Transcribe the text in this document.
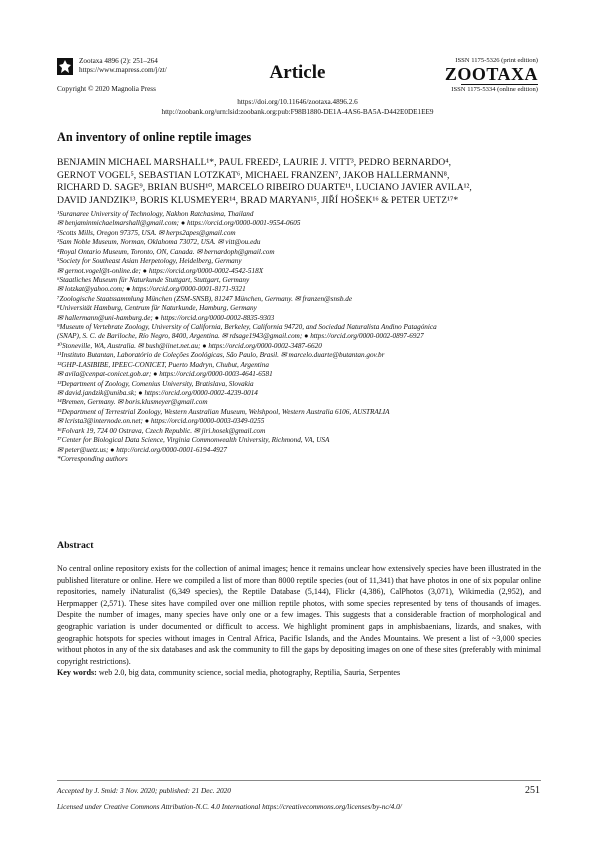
Zootaxa 4896 (2): 251–264
https://www.mapress.com/j/zt/
Copyright © 2020 Magnolia Press
Article
ISSN 1175-5326 (print edition)
ZOOTAXA
ISSN 1175-5334 (online edition)
https://doi.org/10.11646/zootaxa.4896.2.6
http://zoobank.org/urn:lsid:zoobank.org:pub:F98B1880-DE1A-4AS6-BA5A-D442E0DE1EE9
An inventory of online reptile images
BENJAMIN MICHAEL MARSHALL¹*, PAUL FREED², LAURIE J. VITT³, PEDRO BERNARDO⁴,
GERNOT VOGEL⁵, SEBASTIAN LOTZKAT⁶, MICHAEL FRANZEN⁷, JAKOB HALLERMANN⁸,
RICHARD D. SAGE⁹, BRIAN BUSH¹⁰, MARCELO RIBEIRO DUARTE¹¹, LUCIANO JAVIER AVILA¹²,
DAVID JANDZIK¹³, BORIS KLUSMEYER¹⁴, BRAD MARYAN¹⁵, JIŘÍ HOŠEK¹⁶ & PETER UETZ¹⁷*
¹Suranaree University of Technology, Nakhon Ratchasima, Thailand
✉ benjaminmichaelmarshall@gmail.com; ● https://orcid.org/0000-0001-9554-0605
²Scotts Mills, Oregon 97375, USA. ✉ herps2apes@gmail.com
³Sam Noble Museum, Norman, Oklahoma 73072, USA. ✉ vitt@ou.edu
⁴Royal Ontario Museum, Toronto, ON, Canada. ✉ bernardoph@gmail.com
⁵Society for Southeast Asian Herpetology, Heidelberg, Germany
✉ gernot.vogel@t-online.de; ● https://orcid.org/0000-0002-4542-518X
⁶Staatliches Museum für Naturkunde Stuttgart, Stuttgart, Germany
✉ lotzkat@yahoo.com; ● https://orcid.org/0000-0001-8171-9321
⁷Zoologische Staatssammlung München (ZSM-SNSB), 81247 München, Germany. ✉ franzen@snsb.de
⁸Universität Hamburg, Centrum für Naturkunde, Hamburg, Germany
✉ hallermann@uni-hamburg.de; ● https://orcid.org/0000-0002-8835-9303
⁹Museum of Vertebrate Zoology, University of California, Berkeley, California 94720, and Sociedad Naturalista Andino Patagónica
(SNAP), S. C. de Bariloche, Río Negro, 8400, Argentina. ✉ rdsage1943@gmail.com; ● https://orcid.org/0000-0002-0897-6927
¹⁰Stoneville, WA, Australia. ✉ bush@iinet.net.au; ● https://orcid.org/0000-0002-3487-6620
¹¹Instituto Butantan, Laboratório de Coleções Zoológicas, São Paulo, Brasil. ✉ marcelo.duarte@butantan.gov.br
¹²GHP-LASIBIBE, IPEEC-CONICET, Puerto Madryn, Chubut, Argentina
✉ avila@cenpat-conicet.gob.ar; ● https://orcid.org/0000-0003-4641-6581
¹³Department of Zoology, Comenius University, Bratislava, Slovakia
✉ david.jandzik@uniba.sk; ● https://orcid.org/0000-0002-4239-0014
¹⁴Bremen, Germany. ✉ boris.klusmeyer@gmail.com
¹⁵Department of Terrestrial Zoology, Western Australian Museum, Welshpool, Western Australia 6106, AUSTRALIA
✉ lcrista3@internode.on.net; ● https://orcid.org/0000-0003-0349-0255
¹⁶Folvark 19, 724 00 Ostrava, Czech Republic. ✉ jiri.hosek@gmail.com
¹⁷Center for Biological Data Science, Virginia Commonwealth University, Richmond, VA, USA
✉ peter@uetz.us; ● http://orcid.org/0000-0001-6194-4927
*Corresponding authors
Abstract
No central online repository exists for the collection of animal images; hence it remains unclear how extensively species have been illustrated in the published literature or online. Here we compiled a list of more than 8000 reptile species (out of 11,341) that have photos in one of six popular online repositories, namely iNaturalist (6,349 species), the Reptile Database (5,144), Flickr (4,386), CalPhotos (3,071), Wikimedia (2,952), and Herpmapper (2,571). These sites have compiled over one million reptile photos, with some species represented by tens of thousands of images. Despite the number of images, many species have only one or a few images. This suggests that a considerable fraction of morphological and geographic variation is under documented or difficult to access. We highlight prominent gaps in amphisbaenians, lizards, and snakes, with geographic hotspots for species without images in Central Africa, Pacific Islands, and the Andes Mountains. We present a list of ~3,000 species without photos in any of the six databases and ask the community to fill the gaps by depositing images on one of these sites (preferably with minimal copyright restrictions).
Key words: web 2.0, big data, community science, social media, photography, Reptilia, Sauria, Serpentes
Accepted by J. Smid: 3 Nov. 2020; published: 21 Dec. 2020	251
Licensed under Creative Commons Attribution-N.C. 4.0 International https://creativecommons.org/licenses/by-nc/4.0/
